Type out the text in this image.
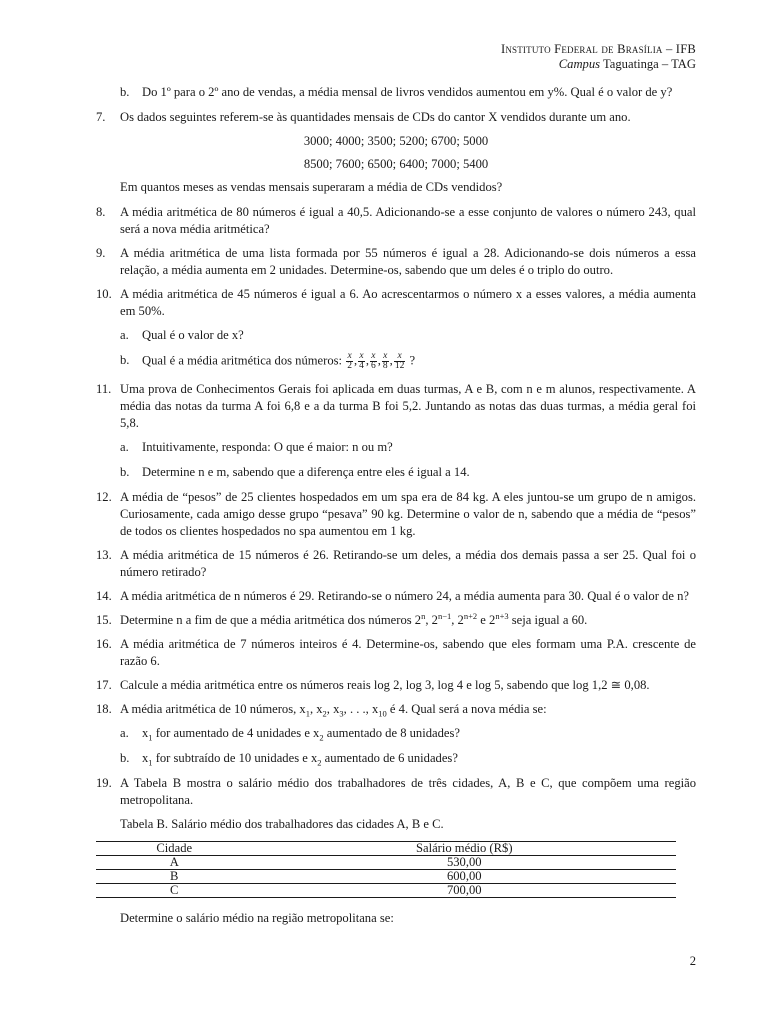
Instituto Federal de Brasília – IFB
Campus Taguatinga – TAG
b. Do 1º para o 2º ano de vendas, a média mensal de livros vendidos aumentou em y%. Qual é o valor de y?
7. Os dados seguintes referem-se às quantidades mensais de CDs do cantor X vendidos durante um ano.
3000; 4000; 3500; 5200; 6700; 5000
8500; 7600; 6500; 6400; 7000; 5400
Em quantos meses as vendas mensais superaram a média de CDs vendidos?
8. A média aritmética de 80 números é igual a 40,5. Adicionando-se a esse conjunto de valores o número 243, qual será a nova média aritmética?
9. A média aritmética de uma lista formada por 55 números é igual a 28. Adicionando-se dois números a essa relação, a média aumenta em 2 unidades. Determine-os, sabendo que um deles é o triplo do outro.
10. A média aritmética de 45 números é igual a 6. Ao acrescentarmos o número x a esses valores, a média aumenta em 50%.
a. Qual é o valor de x?
b. Qual é a média aritmética dos números: $\frac{x}{2}$ , $\frac{x}{4}$ , $\frac{x}{6}$ , $\frac{x}{8}$ , $\frac{x}{12}$ ?
11. Uma prova de Conhecimentos Gerais foi aplicada em duas turmas, A e B, com n e m alunos, respectivamente. A média das notas da turma A foi 6,8 e a da turma B foi 5,2. Juntando as notas das duas turmas, a média geral foi 5,8.
a. Intuitivamente, responda: O que é maior: n ou m?
b. Determine n e m, sabendo que a diferença entre eles é igual a 14.
12. A média de “pesos” de 25 clientes hospedados em um spa era de 84 kg. A eles juntou-se um grupo de n amigos. Curiosamente, cada amigo desse grupo “pesava” 90 kg. Determine o valor de n, sabendo que a média de “pesos” de todos os clientes hospedados no spa aumentou em 1 kg.
13. A média aritmética de 15 números é 26. Retirando-se um deles, a média dos demais passa a ser 25. Qual foi o número retirado?
14. A média aritmética de n números é 29. Retirando-se o número 24, a média aumenta para 30. Qual é o valor de n?
15. Determine n a fim de que a média aritmética dos números 2$^n$, $2^{n-1}$, $2^{n+2}$ e $2^{n+3}$ seja igual a 60.
16. A média aritmética de 7 números inteiros é 4. Determine-os, sabendo que eles formam uma P.A. crescente de razão 6.
17. Calcule a média aritmética entre os números reais log 2, log 3, log 4 e log 5, sabendo que log 1,2 ≅ 0,08.
18. A média aritmética de 10 números, $x_1$, $x_2$, $x_3$, . . ., $x_{10}$ é 4. Qual será a nova média se:
a. $x_1$ for aumentado de 4 unidades e $x_2$ aumentado de 8 unidades?
b. $x_1$ for subtraído de 10 unidades e $x_2$ aumentado de 6 unidades?
19. A Tabela B mostra o salário médio dos trabalhadores de três cidades, A, B e C, que compõem uma região metropolitana.
Tabela B. Salário médio dos trabalhadores das cidades A, B e C.
Cidade	Salário médio (R$)
A	530,00
B	600,00
C	700,00
Determine o salário médio na região metropolitana se:
2
